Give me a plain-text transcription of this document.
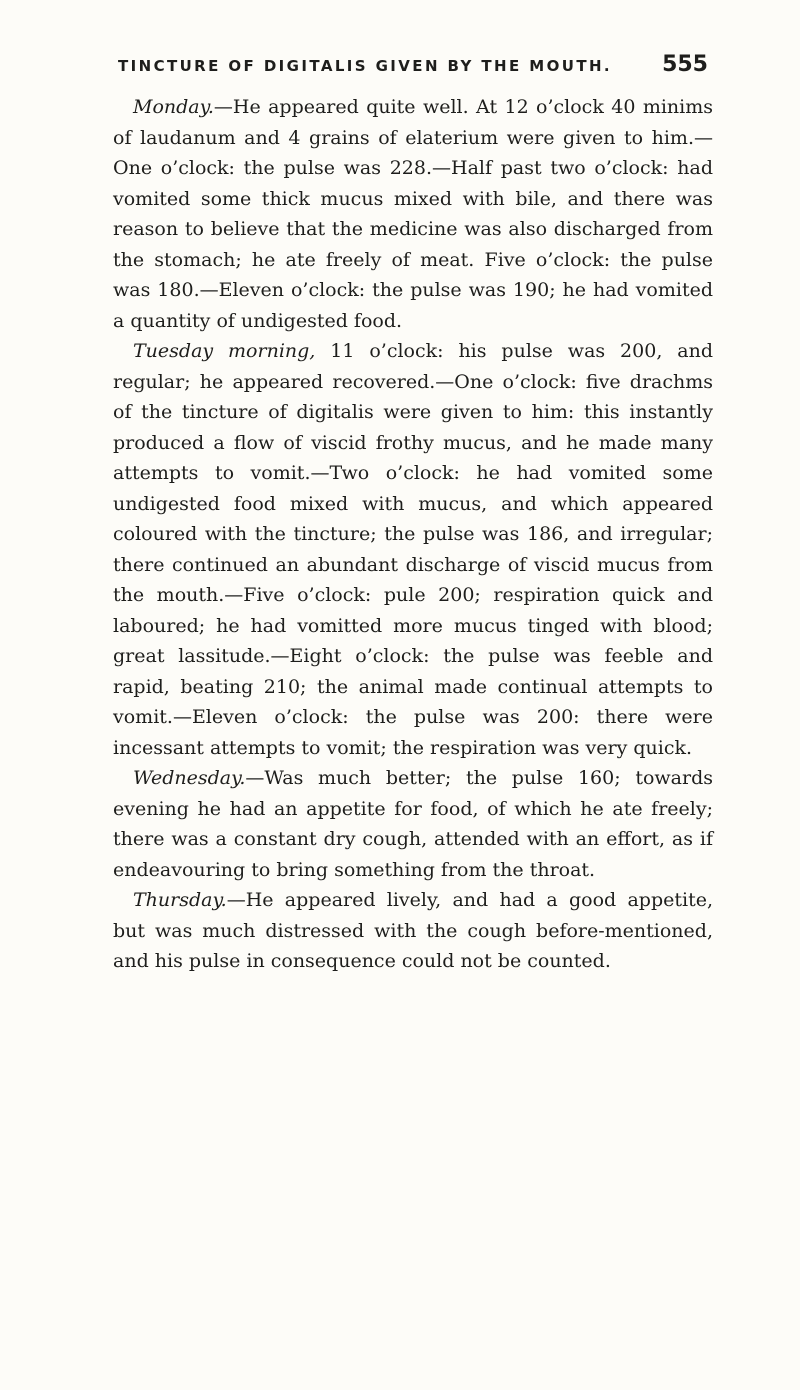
TINCTURE OF DIGITALIS GIVEN BY THE MOUTH. 555

Monday.—He appeared quite well. At 12 o’clock 40 minims of laudanum and 4 grains of elaterium were given to him.—One o’clock: the pulse was 228.—Half past two o’clock: had vomited some thick mucus mixed with bile, and there was reason to believe that the medicine was also discharged from the stomach; he ate freely of meat. Five o’clock: the pulse was 180.—Eleven o’clock: the pulse was 190; he had vomited a quantity of undigested food.

Tuesday morning, 11 o’clock: his pulse was 200, and regular; he appeared recovered.—One o’clock: five drachms of the tincture of digitalis were given to him: this instantly produced a flow of viscid frothy mucus, and he made many attempts to vomit.—Two o’clock: he had vomited some undigested food mixed with mucus, and which appeared coloured with the tincture; the pulse was 186, and irregular; there continued an abundant discharge of viscid mucus from the mouth.—Five o’clock: pule 200; respiration quick and laboured; he had vomitted more mucus tinged with blood; great lassitude.—Eight o’clock: the pulse was feeble and rapid, beating 210; the animal made continual attempts to vomit.—Eleven o’clock: the pulse was 200: there were incessant attempts to vomit; the respiration was very quick.

Wednesday.—Was much better; the pulse 160; towards evening he had an appetite for food, of which he ate freely; there was a constant dry cough, attended with an effort, as if endeavouring to bring something from the throat.

Thursday.—He appeared lively, and had a good appetite, but was much distressed with the cough before-mentioned, and his pulse in consequence could not be counted.
